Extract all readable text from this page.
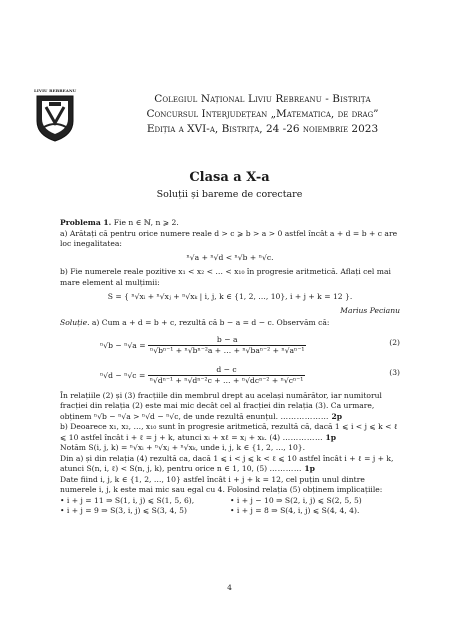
LIVIU REBREANU
Colegiul Național Liviu Rebreanu - Bistrița
Concursul Interjudețean „Matematica, de drag”
Ediția a XVI-a, Bistrița, 24 -26 noiembrie 2023
Clasa a X-a
Soluții și bareme de corectare

Problema 1. Fie n ∈ ℕ, n ⩾ 2.

a) Arătați că pentru orice numere reale d > c ⩾ b > a > 0 astfel încât a + d = b + c are loc inegalitatea:

ⁿ√a + ⁿ√d < ⁿ√b + ⁿ√c.

b) Fie numerele reale pozitive x₁ < x₂ < … < x₁₀ în progresie aritmetică. Aflați cel mai mare element al mulțimii:

S = { ⁿ√xᵢ + ⁿ√xⱼ + ⁿ√xₖ | i, j, k ∈ {1, 2, …, 10}, i + j + k = 12 }.

Marius Pecianu

Soluție. a) Cum a + d = b + c, rezultă că b − a = d − c. Observăm că:

$^n√b - ^n√a = \frac{b - a}{\text{ⁿ√bⁿ⁻¹ + ⁿ√bⁿ⁻²a + … + ⁿ√baⁿ⁻² + ⁿ√aⁿ⁻¹}}$	(2)
$^n√d - ^n√c = \frac{d - c}{\text{ⁿ√dⁿ⁻¹ + ⁿ√dⁿ⁻²c + … + ⁿ√dcⁿ⁻² + ⁿ√cⁿ⁻¹}}$	(3)

În relațiile (2) și (3) fracțiile din membrul drept au același numărător, iar numitorul fracției din relația (2) este mai mic decât cel al fracției din relația (3). Ca urmare, obținem ⁿ√b − ⁿ√a > ⁿ√d − ⁿ√c, de unde rezultă enunțul. ……………… 2p

b) Deoarece x₁, x₂, …, x₁₀ sunt în progresie aritmetică, rezultă că, dacă 1 ⩽ i < j ⩽ k < ℓ ⩽ 10 astfel încât i + ℓ = j + k, atunci xᵢ + xℓ = xⱼ + xₖ. (4) …………… 1p

Notăm S(i, j, k) = ⁿ√xᵢ + ⁿ√xⱼ + ⁿ√xₖ, unde i, j, k ∈ {1, 2, …, 10}.

Din a) și din relația (4) rezultă ca, dacă 1 ⩽ i < j ⩽ k < ℓ ⩽ 10 astfel încât i + ℓ = j + k, atunci S(n, i, ℓ) < S(n, j, k), pentru orice n ∈ 1, 10, (5) ………… 1p

Date fiind i, j, k ∈ {1, 2, …, 10} astfel încât i + j + k = 12, cel puțin unul dintre numerele i, j, k este mai mic sau egal cu 4. Folosind relația (5) obținem implicațiile:

• i + j = 11 ⇒ S(1, i, j) ⩽ S(1, 5, 6),	• i + j − 10 ⇒ S(2, i, j) ⩽ S(2, 5, 5)
• i + j = 9 ⇒ S(3, i, j) ⩽ S(3, 4, 5)	• i + j = 8 ⇒ S(4, i, j) ⩽ S(4, 4, 4).
4
